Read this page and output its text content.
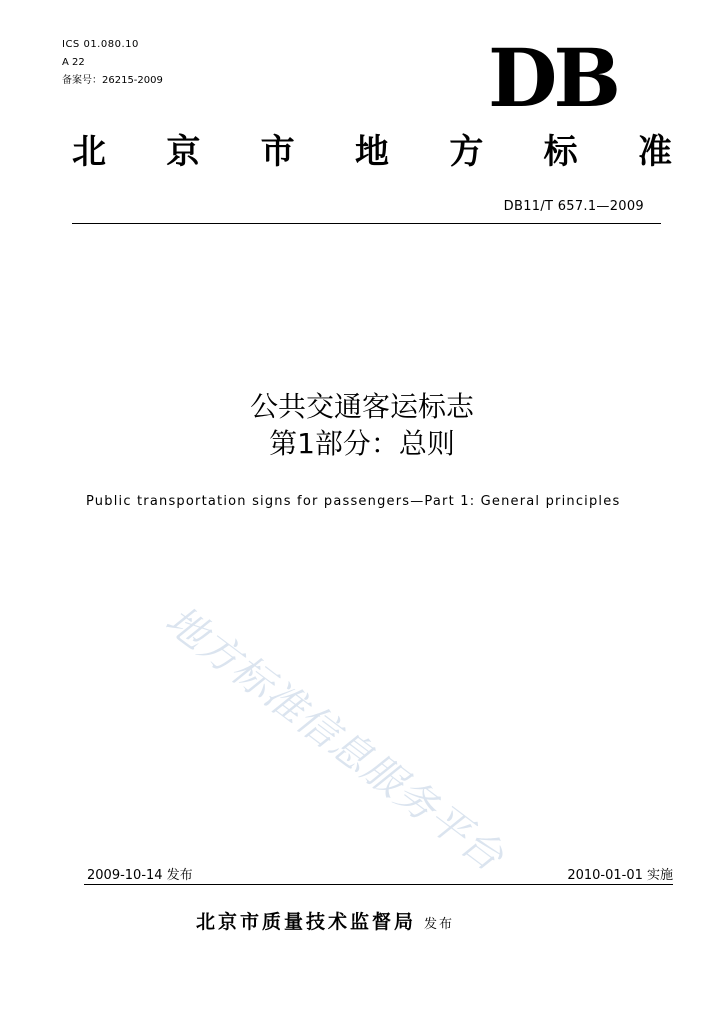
ICS 01.080.10
A 22
备案号：26215-2009	DB
北 京 市 地 方 标 准
DB11/T 657.1—2009
公共交通客运标志
第1部分：总则
Public transportation signs for passengers—Part 1: General principles
地方标准信息服务平台
2009-10-14 发布	2010-01-01 实施
北京市质量技术监督局 发布
